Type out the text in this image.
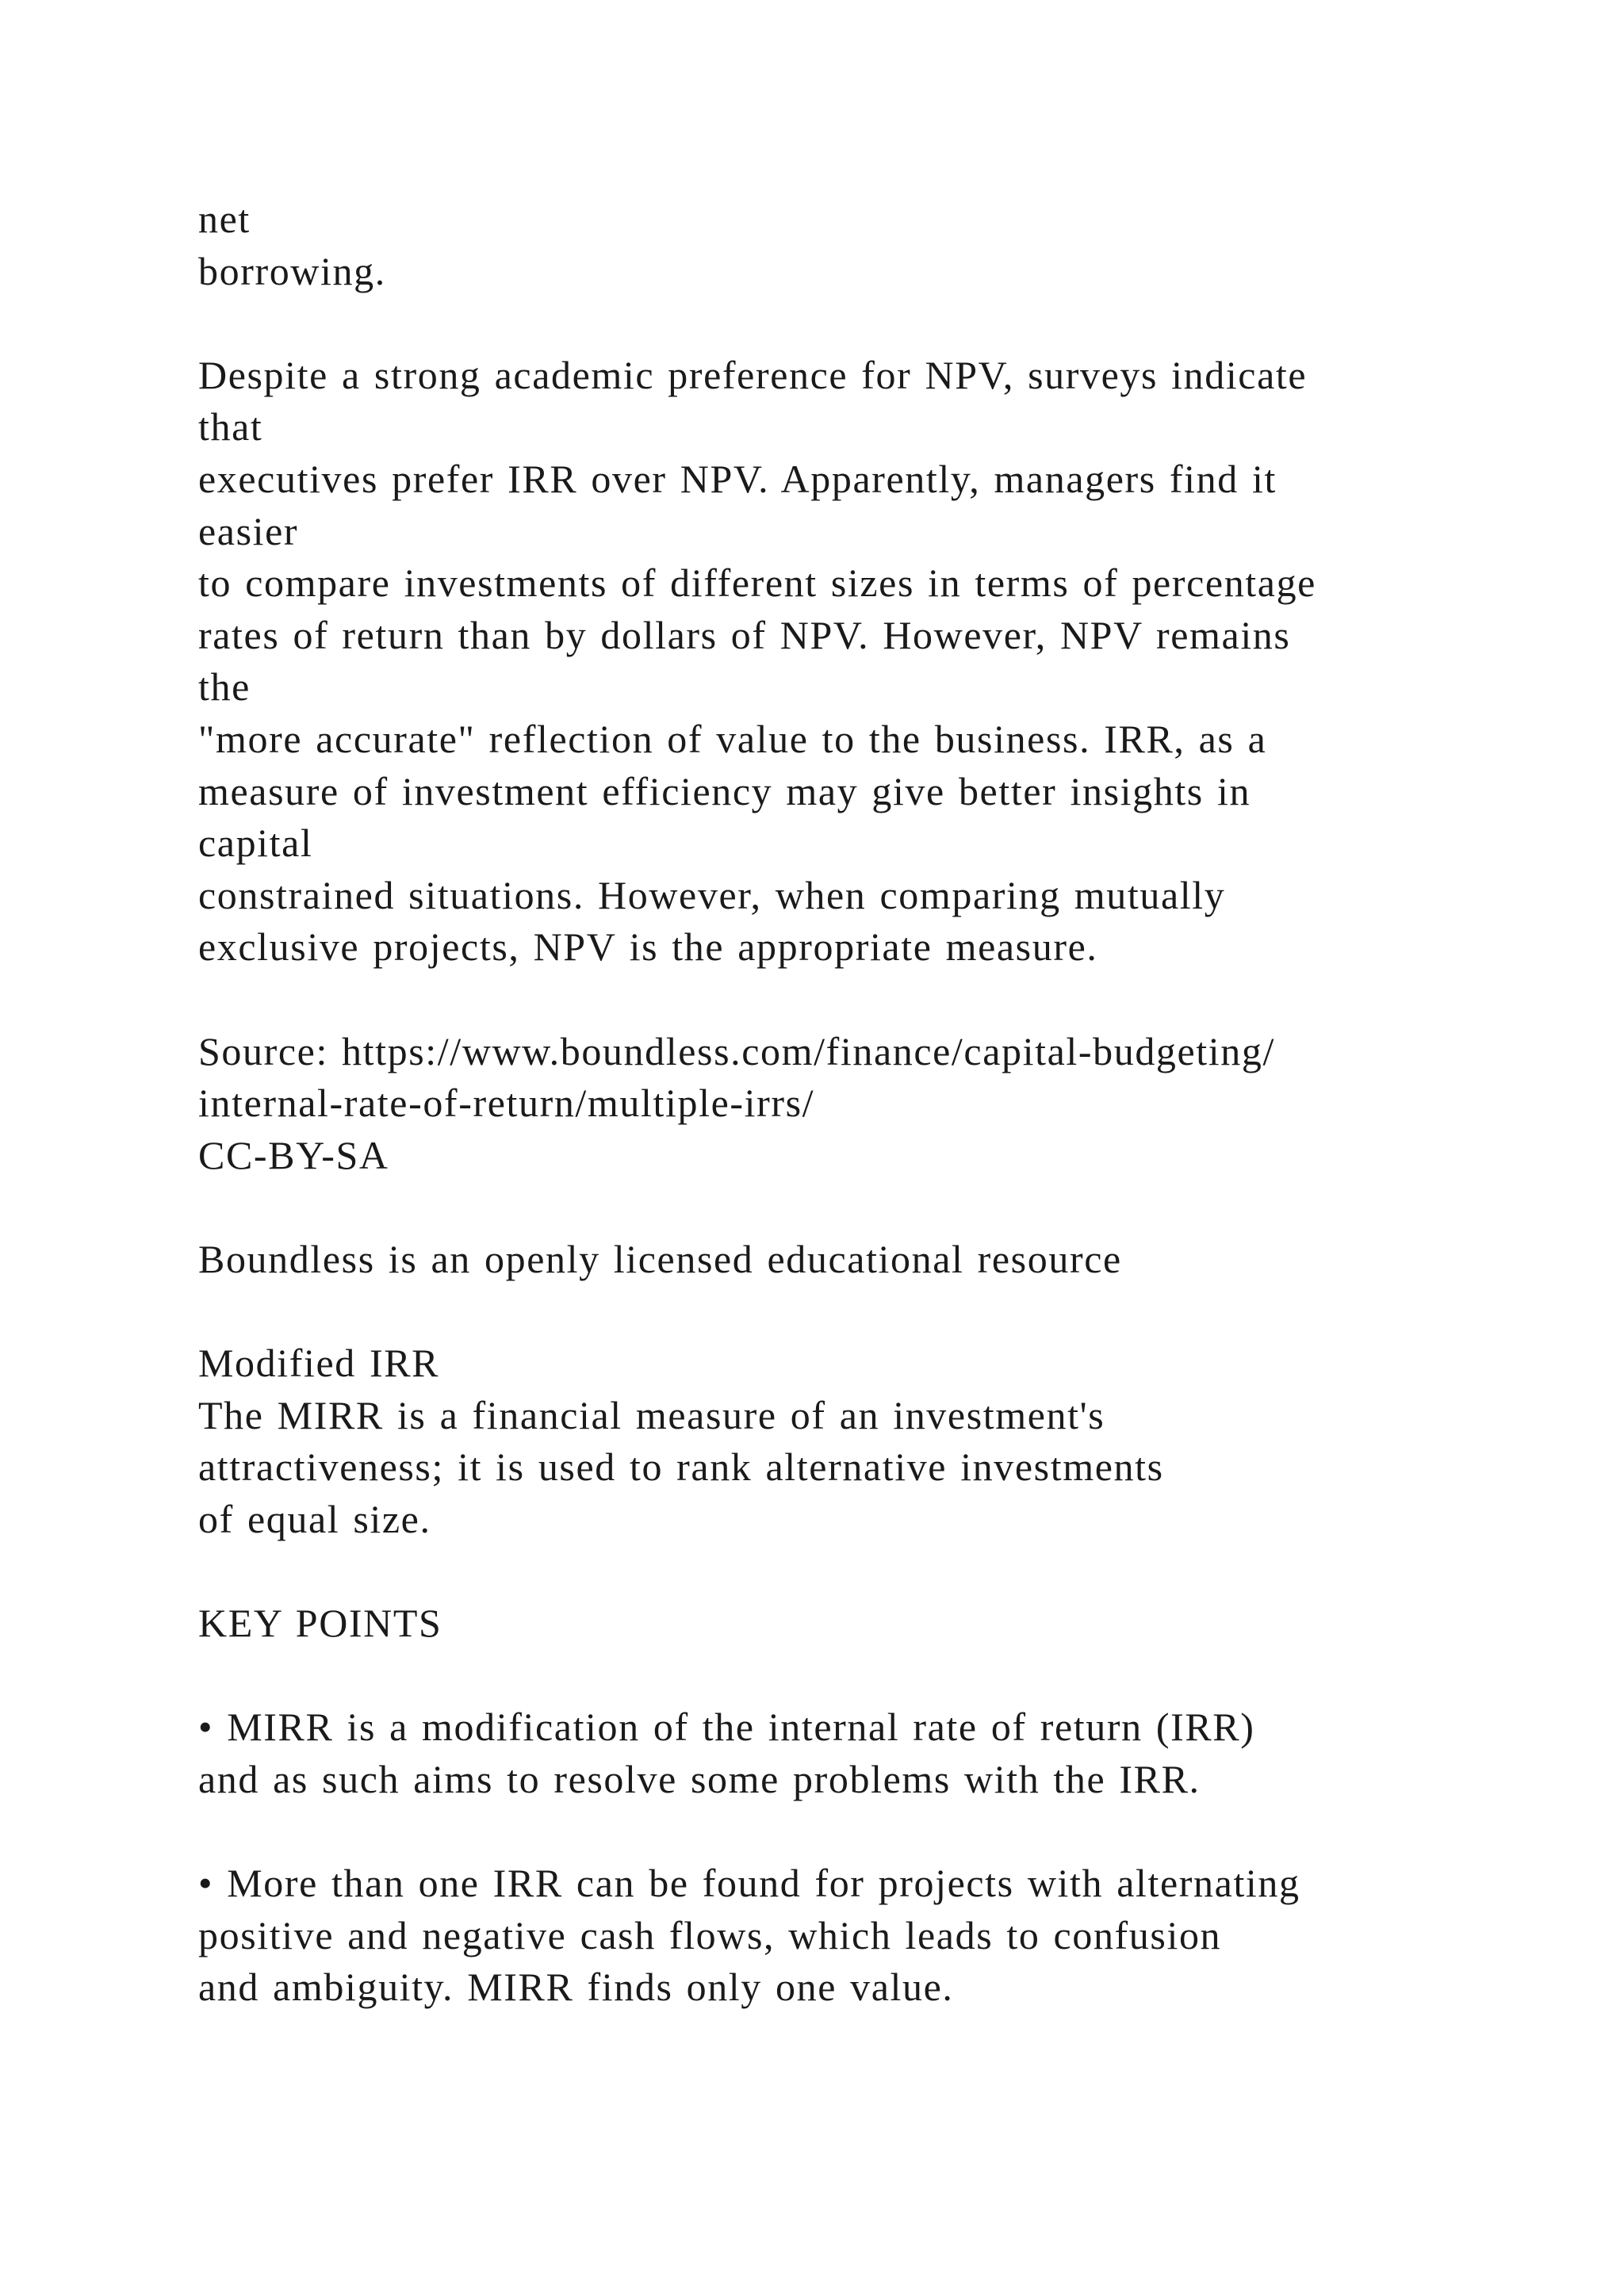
net
borrowing.
Despite a strong academic preference for NPV, surveys indicate
that
executives prefer IRR over NPV. Apparently, managers find it
easier
to compare investments of different sizes in terms of percentage
rates of return than by dollars of NPV. However, NPV remains
the
"more accurate" reflection of value to the business. IRR, as a
measure of investment efficiency may give better insights in
capital
constrained situations. However, when comparing mutually
exclusive projects, NPV is the appropriate measure.
Source: https://www.boundless.com/finance/capital-budgeting/
internal-rate-of-return/multiple-irrs/
CC-BY-SA
Boundless is an openly licensed educational resource
Modified IRR
The MIRR is a financial measure of an investment's
attractiveness; it is used to rank alternative investments
of equal size.
KEY POINTS
• MIRR is a modification of the internal rate of return (IRR)
and as such aims to resolve some problems with the IRR.
• More than one IRR can be found for projects with alternating
positive and negative cash flows, which leads to confusion
and ambiguity. MIRR finds only one value.
